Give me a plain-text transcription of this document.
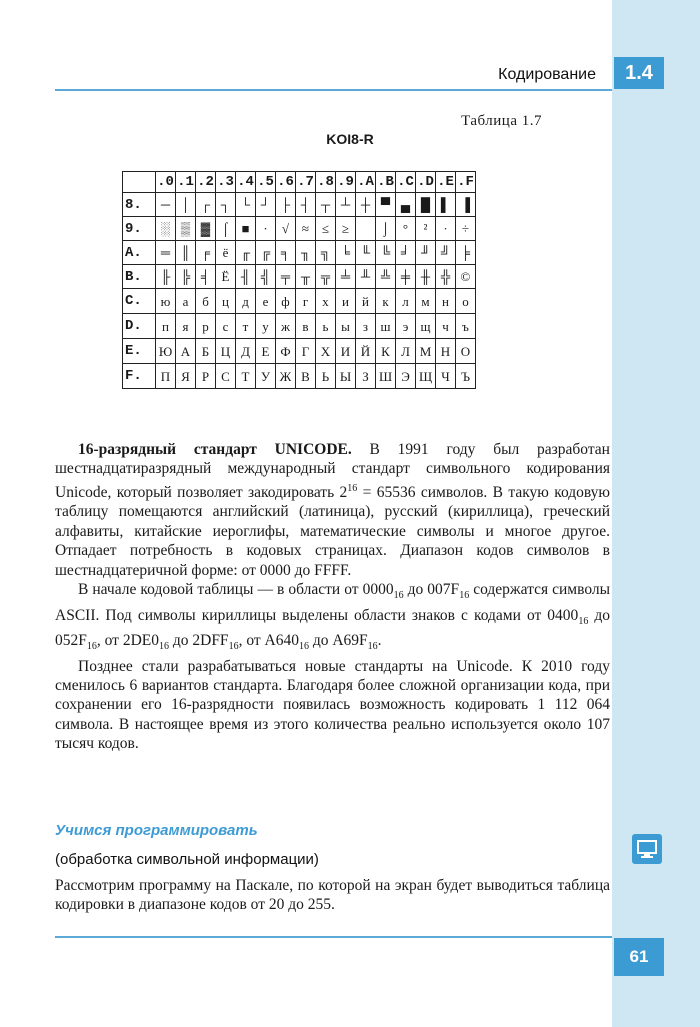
Кодирование	1.4
Таблица 1.7
KOI8-R
	.0	.1	.2	.3	.4	.5	.6	.7	.8	.9	.A	.B	.C	.D	.E	.F
8.	─	│	┌	┐	└	┘	├	┤	┬	┴	┼	▀	▄	█	▌	▐
9.	░	▒	▓	⌠	■	∙	√	≈	≤	≥		⌡	°	²	·	÷
A.	═	║	╒	ё	╓	╔	╕	╖	╗	╘	╙	╚	╛	╜	╝	╞
B.	╟	╠	╡	Ё	╢	╣	╤	╥	╦	╧	╨	╩	╪	╫	╬	©
C.	ю	а	б	ц	д	е	ф	г	х	и	й	к	л	м	н	о
D.	п	я	р	с	т	у	ж	в	ь	ы	з	ш	э	щ	ч	ъ
E.	Ю	А	Б	Ц	Д	Е	Ф	Г	Х	И	Й	К	Л	М	Н	О
F.	П	Я	Р	С	Т	У	Ж	В	Ь	Ы	З	Ш	Э	Щ	Ч	Ъ

16-разрядный стандарт UNICODE. В 1991 году был разработан шестнадцатиразрядный международный стандарт символьного кодирования Unicode, который позволяет закодировать $2^{16} = 65536$ символов. В такую кодовую таблицу помещаются английский (латиница), русский (кириллица), греческий алфавиты, китайские иероглифы, математические символы и многое другое. Отпадает потребность в кодовых страницах. Диапазон кодов символов в шестнадцатеричной форме: от 0000 до FFFF.

В начале кодовой таблицы — в области от $0000_{16}$ до $007F_{16}$ содержатся символы ASCII. Под символы кириллицы выделены области знаков с кодами от $0400_{16}$ до $052F_{16}$, от $2DE0_{16}$ до $2DFF_{16}$, от $A640_{16}$ до $A69F_{16}$.

Позднее стали разрабатываться новые стандарты на Unicode. К 2010 году сменилось 6 вариантов стандарта. Благодаря более сложной организации кода, при сохранении его 16-разрядности появилась возможность кодировать 1 112 064 символа. В настоящее время из этого количества реально используется около 107 тысяч кодов.

Учимся программировать
(обработка символьной информации)
Рассмотрим программу на Паскале, по которой на экран будет выводиться таблица кодировки в диапазоне кодов от 20 до 255.
61
